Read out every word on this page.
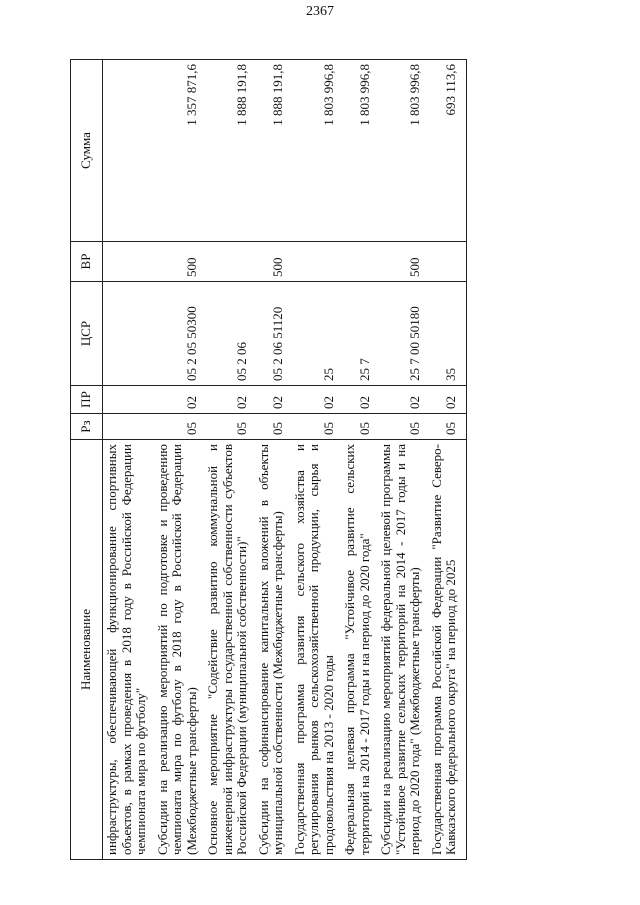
2367
Наименование	Рз	ПР	ЦСР	ВР	Сумма
инфраструктуры, обеспечивающей функционирование спортивных объектов, в рамках проведения в 2018 году в Российской Федерации чемпионата мира по футболу"					
Субсидии на реализацию мероприятий по подготовке и проведению чемпионата мира по футболу в 2018 году в Российской Федерации (Межбюджетные трансферты)	05	02	05 2 05 50300	500	1 357 871,6
Основное мероприятие "Содействие развитию коммунальной и инженерной инфраструктуры государственной собственности субъектов Российской Федерации (муниципальной собственности)"	05	02	05 2 06		1 888 191,8
Субсидии на софинансирование капитальных вложений в объекты муниципальной собственности (Межбюджетные трансферты)	05	02	05 2 06 51120	500	1 888 191,8
Государственная программа развития сельского хозяйства и регулирования рынков сельскохозяйственной продукции, сырья и продовольствия на 2013 - 2020 годы	05	02	25		1 803 996,8
Федеральная целевая программа "Устойчивое развитие сельских территорий на 2014 - 2017 годы и на период до 2020 года"	05	02	25 7		1 803 996,8
Субсидии на реализацию мероприятий федеральной целевой программы "Устойчивое развитие сельских территорий на 2014 - 2017 годы и на период до 2020 года" (Межбюджетные трансферты)	05	02	25 7 00 50180	500	1 803 996,8
Государственная программа Российской Федерации "Развитие Северо-Кавказского федерального округа" на период до 2025	05	02	35		693 113,6
